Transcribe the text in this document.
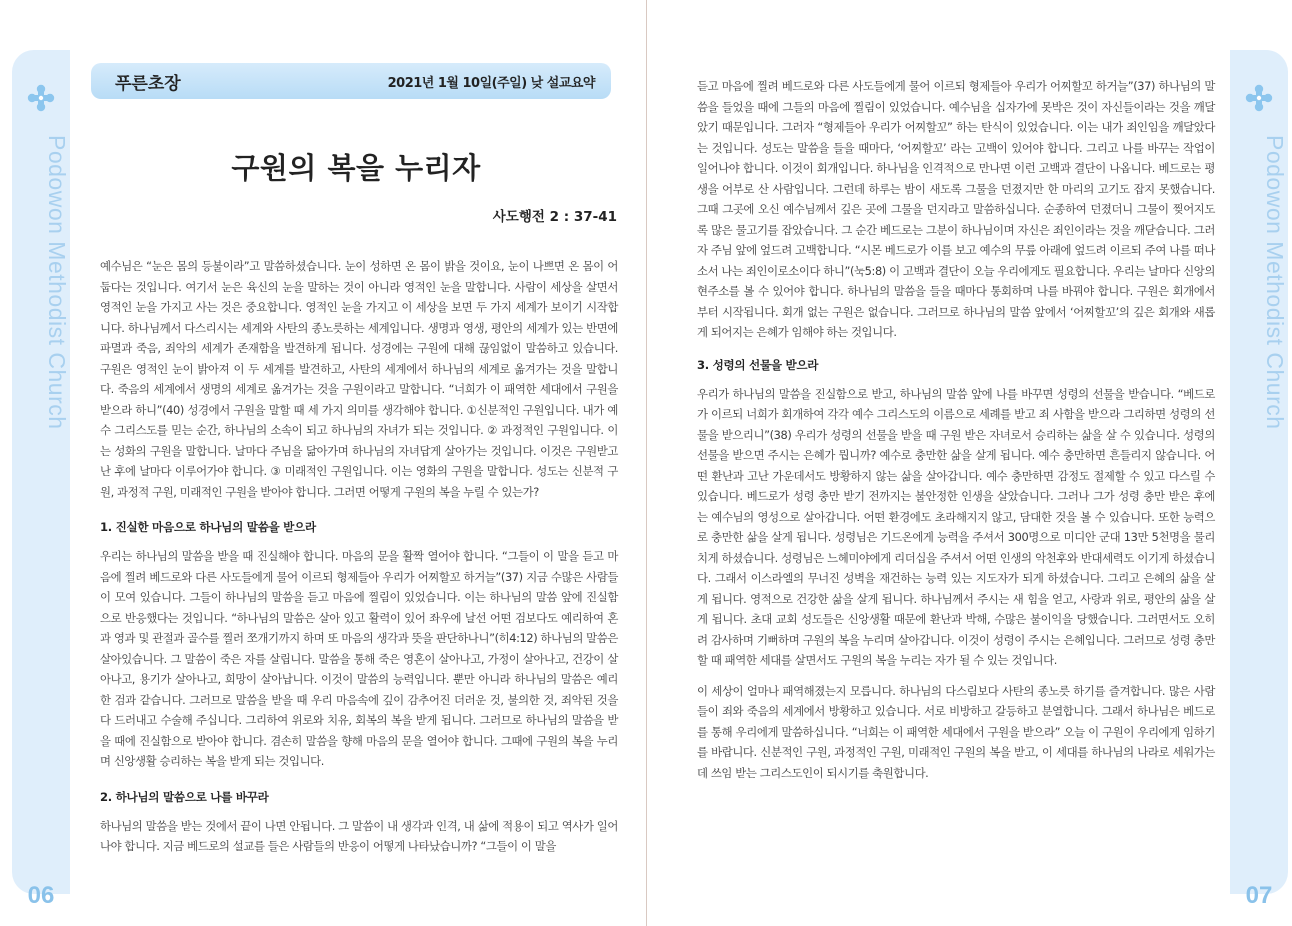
Podowon Methodist Church
06
Podowon Methodist Church
07
푸른초장	2021년 1월 10일(주일) 낮 설교요약
구원의 복을 누리자
사도행전 2 : 37-41

예수님은 “눈은 몸의 등불이라”고 말씀하셨습니다. 눈이 성하면 온 몸이 밝을 것이요, 눈이 나쁘면 온 몸이 어둡다는 것입니다. 여기서 눈은 육신의 눈을 말하는 것이 아니라 영적인 눈을 말합니다. 사람이 세상을 살면서 영적인 눈을 가지고 사는 것은 중요합니다. 영적인 눈을 가지고 이 세상을 보면 두 가지 세계가 보이기 시작합니다. 하나님께서 다스리시는 세계와 사탄의 종노릇하는 세계입니다. 생명과 영생, 평안의 세계가 있는 반면에 파멸과 죽음, 죄악의 세계가 존재함을 발견하게 됩니다. 성경에는 구원에 대해 끊임없이 말씀하고 있습니다. 구원은 영적인 눈이 밝아져 이 두 세계를 발견하고, 사탄의 세계에서 하나님의 세계로 옮겨가는 것을 말합니다. 죽음의 세계에서 생명의 세계로 옮겨가는 것을 구원이라고 말합니다. “너희가 이 패역한 세대에서 구원을 받으라 하니”(40) 성경에서 구원을 말할 때 세 가지 의미를 생각해야 합니다. ①신분적인 구원입니다. 내가 예수 그리스도를 믿는 순간, 하나님의 소속이 되고 하나님의 자녀가 되는 것입니다. ② 과정적인 구원입니다. 이는 성화의 구원을 말합니다. 날마다 주님을 닮아가며 하나님의 자녀답게 살아가는 것입니다. 이것은 구원받고 난 후에 날마다 이루어가야 합니다. ③ 미래적인 구원입니다. 이는 영화의 구원을 말합니다. 성도는 신분적 구원, 과정적 구원, 미래적인 구원을 받아야 합니다. 그러면 어떻게 구원의 복을 누릴 수 있는가?

1. 진실한 마음으로 하나님의 말씀을 받으라

우리는 하나님의 말씀을 받을 때 진실해야 합니다. 마음의 문을 활짝 열어야 합니다. “그들이 이 말을 듣고 마음에 찔려 베드로와 다른 사도들에게 물어 이르되 형제들아 우리가 어찌할꼬 하거늘”(37) 지금 수많은 사람들이 모여 있습니다. 그들이 하나님의 말씀을 듣고 마음에 찔림이 있었습니다. 이는 하나님의 말씀 앞에 진실함으로 반응했다는 것입니다. “하나님의 말씀은 살아 있고 활력이 있어 좌우에 날선 어떤 검보다도 예리하여 혼과 영과 및 관절과 골수를 찔러 쪼개기까지 하며 또 마음의 생각과 뜻을 판단하나니”(히4:12) 하나님의 말씀은 살아있습니다. 그 말씀이 죽은 자를 살립니다. 말씀을 통해 죽은 영혼이 살아나고, 가정이 살아나고, 건강이 살아나고, 용기가 살아나고, 희망이 살아납니다. 이것이 말씀의 능력입니다. 뿐만 아니라 하나님의 말씀은 예리한 검과 같습니다. 그러므로 말씀을 받을 때 우리 마음속에 깊이 감추어진 더러운 것, 불의한 것, 죄악된 것을 다 드러내고 수술해 주십니다. 그리하여 위로와 치유, 회복의 복을 받게 됩니다. 그러므로 하나님의 말씀을 받을 때에 진실함으로 받아야 합니다. 겸손히 말씀을 향해 마음의 문을 열어야 합니다. 그때에 구원의 복을 누리며 신앙생활 승리하는 복을 받게 되는 것입니다.

2. 하나님의 말씀으로 나를 바꾸라

하나님의 말씀을 받는 것에서 끝이 나면 안됩니다. 그 말씀이 내 생각과 인격, 내 삶에 적용이 되고 역사가 일어나야 합니다. 지금 베드로의 설교를 들은 사람들의 반응이 어떻게 나타났습니까? “그들이 이 말을

듣고 마음에 찔려 베드로와 다른 사도들에게 물어 이르되 형제들아 우리가 어찌할꼬 하거늘”(37) 하나님의 말씀을 들었을 때에 그들의 마음에 찔림이 있었습니다. 예수님을 십자가에 못박은 것이 자신들이라는 것을 깨달았기 때문입니다. 그러자 “형제들아 우리가 어찌할꼬” 하는 탄식이 있었습니다. 이는 내가 죄인임을 깨달았다는 것입니다. 성도는 말씀을 들을 때마다, ‘어찌할꼬’ 라는 고백이 있어야 합니다. 그리고 나를 바꾸는 작업이 일어나야 합니다. 이것이 회개입니다. 하나님을 인격적으로 만나면 이런 고백과 결단이 나옵니다. 베드로는 평생을 어부로 산 사람입니다. 그런데 하루는 밤이 새도록 그물을 던졌지만 한 마리의 고기도 잡지 못했습니다. 그때 그곳에 오신 예수님께서 깊은 곳에 그물을 던지라고 말씀하십니다. 순종하여 던졌더니 그물이 찢어지도록 많은 물고기를 잡았습니다. 그 순간 베드로는 그분이 하나님이며 자신은 죄인이라는 것을 깨닫습니다. 그러자 주님 앞에 엎드려 고백합니다. “시몬 베드로가 이를 보고 예수의 무릎 아래에 엎드려 이르되 주여 나를 떠나소서 나는 죄인이로소이다 하니”(눅5:8) 이 고백과 결단이 오늘 우리에게도 필요합니다. 우리는 날마다 신앙의 현주소를 볼 수 있어야 합니다. 하나님의 말씀을 들을 때마다 통회하며 나를 바꿔야 합니다. 구원은 회개에서부터 시작됩니다. 회개 없는 구원은 없습니다. 그러므로 하나님의 말씀 앞에서 ‘어찌할꼬’의 깊은 회개와 새롭게 되어지는 은혜가 임해야 하는 것입니다.

3. 성령의 선물을 받으라

우리가 하나님의 말씀을 진실함으로 받고, 하나님의 말씀 앞에 나를 바꾸면 성령의 선물을 받습니다. “베드로가 이르되 너희가 회개하여 각각 예수 그리스도의 이름으로 세례를 받고 죄 사함을 받으라 그리하면 성령의 선물을 받으리니”(38) 우리가 성령의 선물을 받을 때 구원 받은 자녀로서 승리하는 삶을 살 수 있습니다. 성령의 선물을 받으면 주시는 은혜가 뭡니까? 예수로 충만한 삶을 살게 됩니다. 예수 충만하면 흔들리지 않습니다. 어떤 환난과 고난 가운데서도 방황하지 않는 삶을 살아갑니다. 예수 충만하면 감정도 절제할 수 있고 다스릴 수 있습니다. 베드로가 성령 충만 받기 전까지는 불안정한 인생을 살았습니다. 그러나 그가 성령 충만 받은 후에는 예수님의 영성으로 살아갑니다. 어떤 환경에도 초라해지지 않고, 담대한 것을 볼 수 있습니다. 또한 능력으로 충만한 삶을 살게 됩니다. 성령님은 기드온에게 능력을 주셔서 300명으로 미디안 군대 13만 5천명을 물리치게 하셨습니다. 성령님은 느헤미야에게 리더십을 주셔서 어떤 인생의 악천후와 반대세력도 이기게 하셨습니다. 그래서 이스라엘의 무너진 성벽을 재건하는 능력 있는 지도자가 되게 하셨습니다. 그리고 은혜의 삶을 살게 됩니다. 영적으로 건강한 삶을 살게 됩니다. 하나님께서 주시는 새 힘을 얻고, 사랑과 위로, 평안의 삶을 살게 됩니다. 초대 교회 성도들은 신앙생활 때문에 환난과 박해, 수많은 불이익을 당했습니다. 그러면서도 오히려 감사하며 기뻐하며 구원의 복을 누리며 살아갑니다. 이것이 성령이 주시는 은혜입니다. 그러므로 성령 충만할 때 패역한 세대를 살면서도 구원의 복을 누리는 자가 될 수 있는 것입니다.

이 세상이 얼마나 패역해졌는지 모릅니다. 하나님의 다스림보다 사탄의 종노릇 하기를 즐겨합니다. 많은 사람들이 죄와 죽음의 세계에서 방황하고 있습니다. 서로 비방하고 갈등하고 분열합니다. 그래서 하나님은 베드로를 통해 우리에게 말씀하십니다. “너희는 이 패역한 세대에서 구원을 받으라” 오늘 이 구원이 우리에게 임하기를 바랍니다. 신분적인 구원, 과정적인 구원, 미래적인 구원의 복을 받고, 이 세대를 하나님의 나라로 세워가는데 쓰임 받는 그리스도인이 되시기를 축원합니다.
